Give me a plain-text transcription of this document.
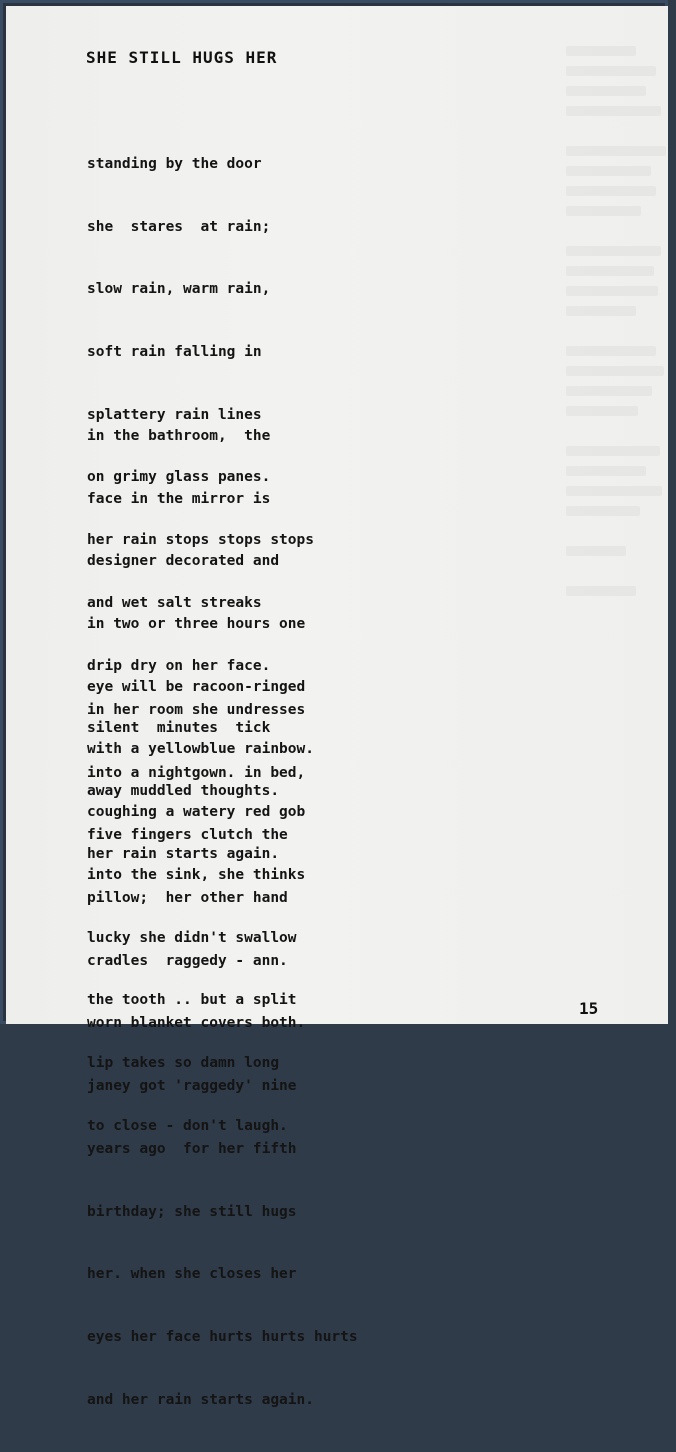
SHE STILL HUGS HER

standing by the door

she  stares  at rain;

slow rain, warm rain,

soft rain falling in

splattery rain lines

on grimy glass panes.

her rain stops stops stops

and wet salt streaks

drip dry on her face.

silent  minutes  tick

away muddled thoughts.

her rain starts again.

in the bathroom,  the

face in the mirror is

designer decorated and

in two or three hours one

eye will be racoon-ringed

with a yellowblue rainbow.

coughing a watery red gob

into the sink, she thinks

lucky she didn't swallow

the tooth .. but a split

lip takes so damn long

to close - don't laugh.

in her room she undresses

into a nightgown. in bed,

five fingers clutch the

pillow;  her other hand

cradles  raggedy - ann.

worn blanket covers both.

janey got 'raggedy' nine

years ago  for her fifth

birthday; she still hugs

her. when she closes her

eyes her face hurts hurts hurts

and her rain starts again.

15
